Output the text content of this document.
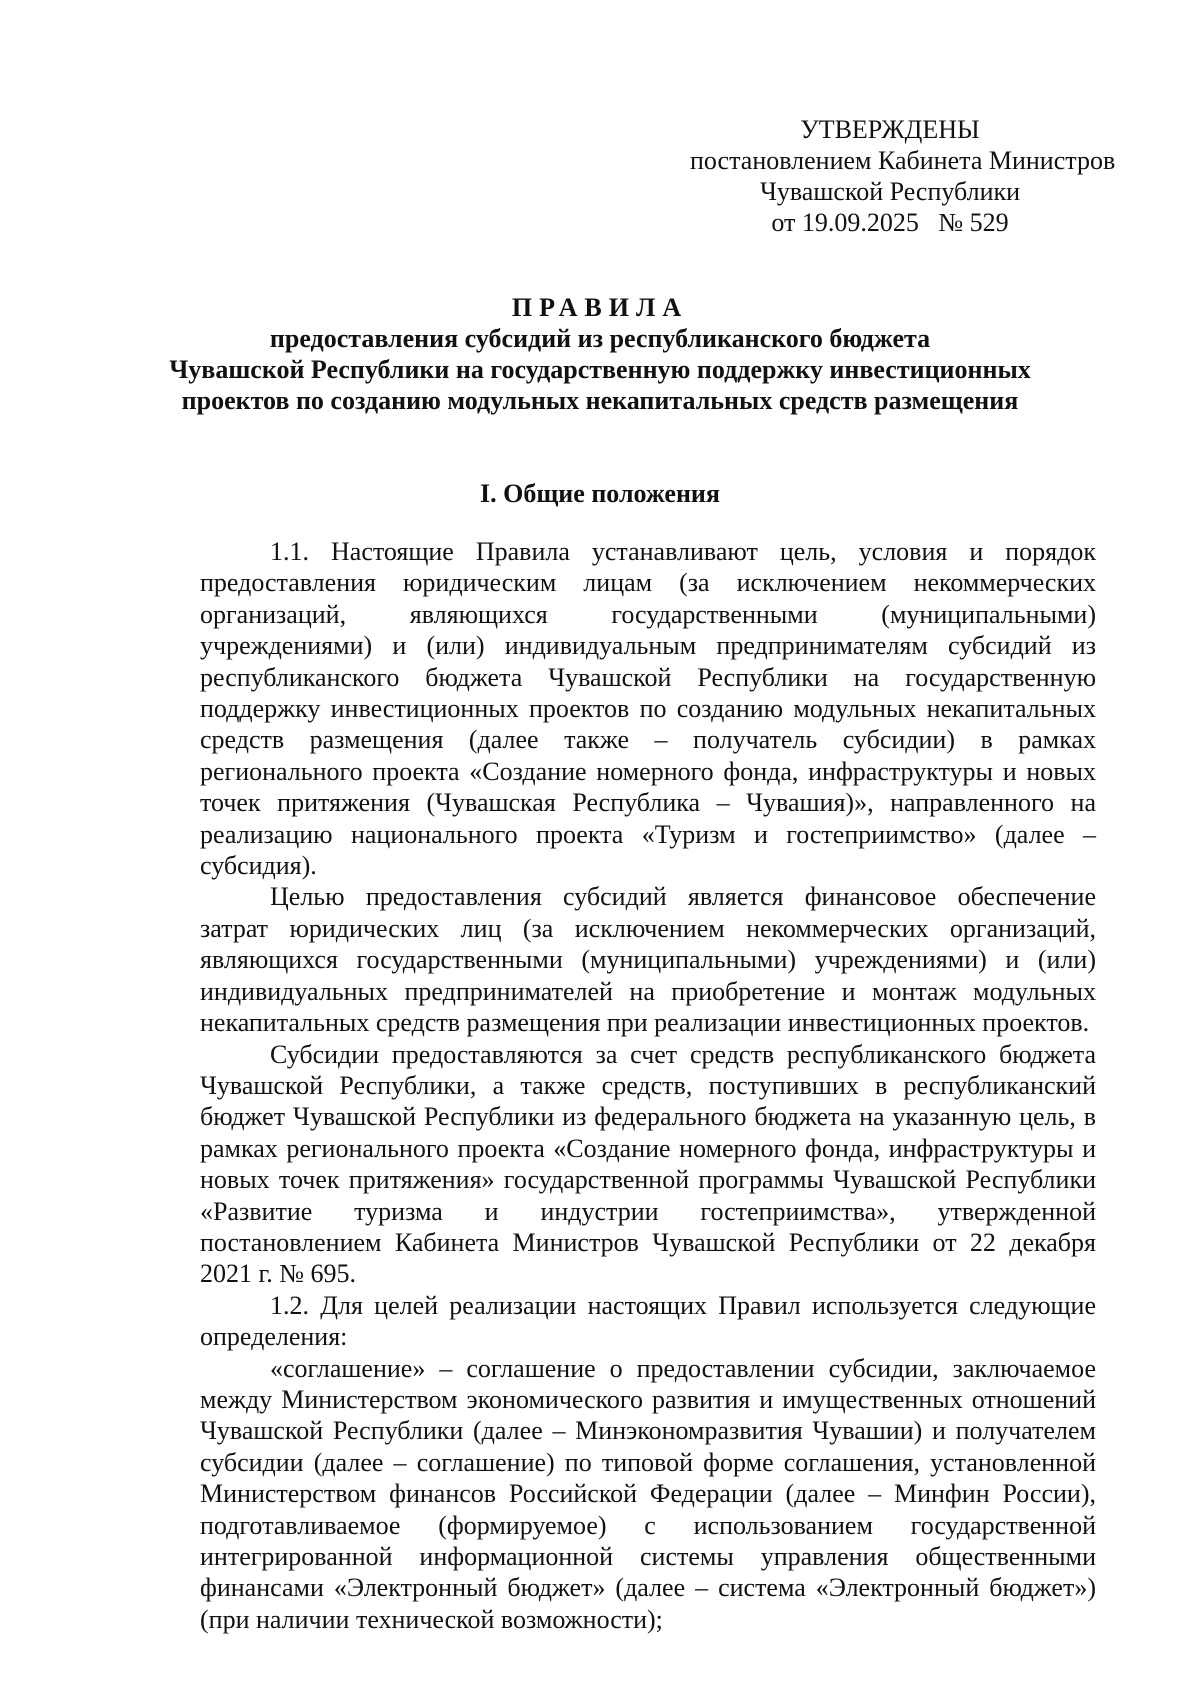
УТВЕРЖДЕНЫ
постановлением Кабинета Министров
Чувашской Республики
от 19.09.2025   № 529
ПРАВИЛА
предоставления субсидий из республиканского бюджета
Чувашской Республики на государственную поддержку инвестиционных
проектов по созданию модульных некапитальных средств размещения
I. Общие положения

1.1. Настоящие Правила устанавливают цель, условия и порядок предоставления юридическим лицам (за исключением некоммерческих организаций, являющихся государственными (муниципальными) учреждениями) и (или) индивидуальным предпринимателям субсидий из республиканского бюджета Чувашской Республики на государственную поддержку инвестиционных проектов по созданию модульных некапитальных средств размещения (далее также – получатель субсидии) в рамках регионального проекта «Создание номерного фонда, инфраструктуры и новых точек притяжения (Чувашская Республика – Чувашия)», направленного на реализацию национального проекта «Туризм и гостеприимство» (далее – субсидия).

Целью предоставления субсидий является финансовое обеспечение затрат юридических лиц (за исключением некоммерческих организаций, являющихся государственными (муниципальными) учреждениями) и (или) индивидуальных предпринимателей на приобретение и монтаж модульных некапитальных средств размещения при реализации инвестиционных проектов.

Субсидии предоставляются за счет средств республиканского бюджета Чувашской Республики, а также средств, поступивших в республиканский бюджет Чувашской Республики из федерального бюджета на указанную цель, в рамках регионального проекта «Создание номерного фонда, инфраструктуры и новых точек притяжения» государственной программы Чувашской Республики «Развитие туризма и индустрии гостеприимства», утвержденной постановлением Кабинета Министров Чувашской Республики от 22 декабря 2021 г. № 695.

1.2. Для целей реализации настоящих Правил используется следующие определения:

«соглашение» – соглашение о предоставлении субсидии, заключаемое между Министерством экономического развития и имущественных отношений Чувашской Республики (далее – Минэкономразвития Чувашии) и получателем субсидии (далее – соглашение) по типовой форме соглашения, установленной Министерством финансов Российской Федерации (далее – Минфин России), подготавливаемое (формируемое) с использованием государственной интегрированной информационной системы управления общественными финансами «Электронный бюджет» (далее – система «Электронный бюджет») (при наличии технической возможности);
